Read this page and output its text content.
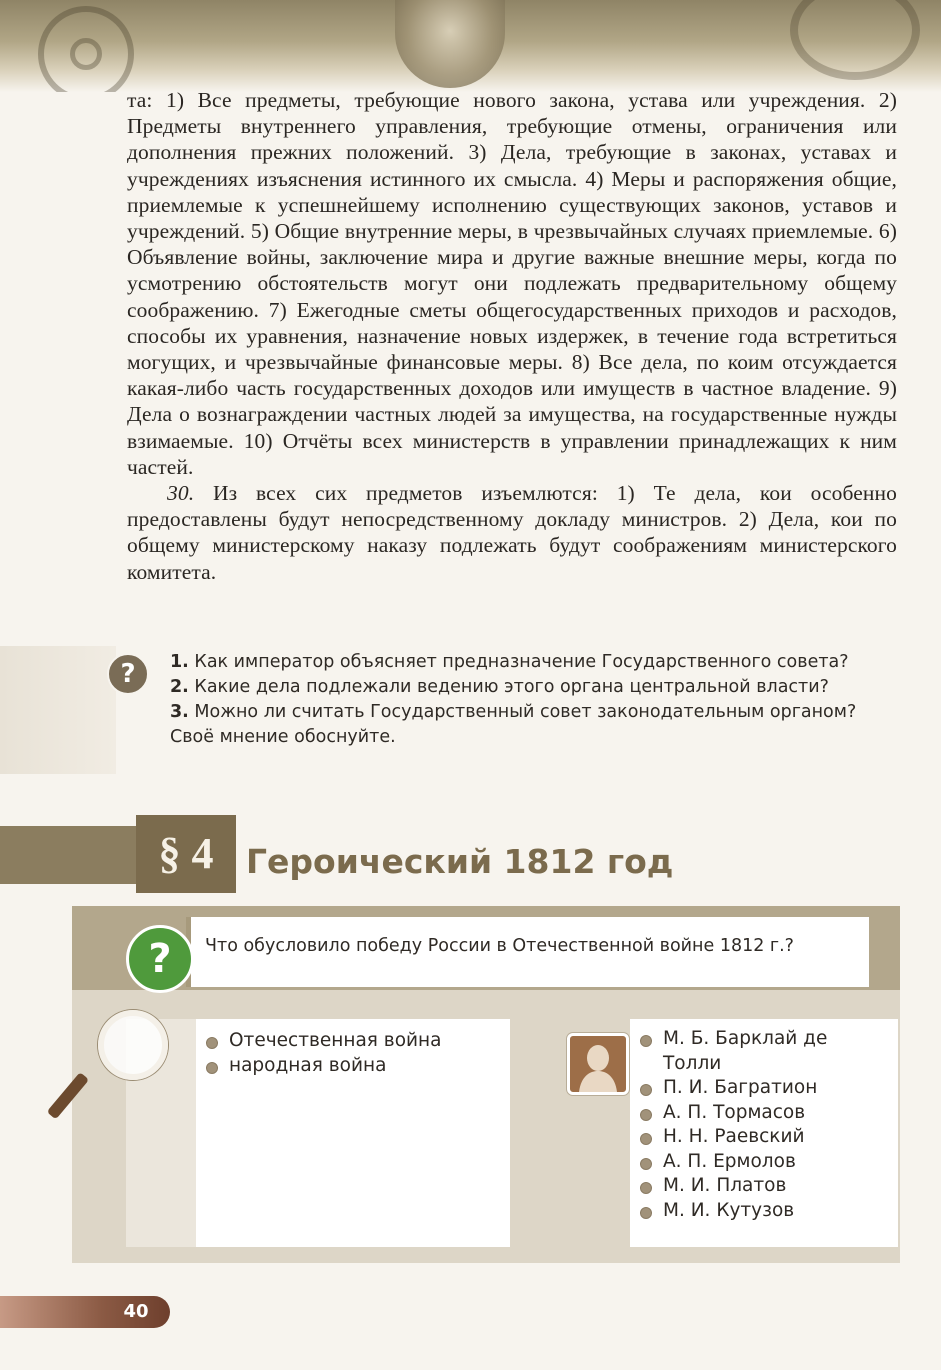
та: 1) Все предметы, требующие нового закона, устава или учреждения. 2) Предметы внутреннего управления, требующие отмены, ограничения или дополнения прежних положений. 3) Дела, требующие в законах, уставах и учреждениях изъяснения истинного их смысла. 4) Меры и распоряжения общие, приемлемые к успешнейшему исполнению существующих законов, уставов и учреждений. 5) Общие внутренние меры, в чрезвычайных случаях приемлемые. 6) Объявление войны, заключение мира и другие важные внешние меры, когда по усмотрению обстоятельств могут они подлежать предварительному общему соображению. 7) Ежегодные сметы общегосударственных приходов и расходов, способы их уравнения, назначение новых издержек, в течение года встретиться могущих, и чрезвычайные финансовые меры. 8) Все дела, по коим отсуждается какая-либо часть государственных доходов или имуществ в частное владение. 9) Дела о вознаграждении частных людей за имущества, на государственные нужды взимаемые. 10) Отчёты всех министерств в управлении принадлежащих к ним частей.

30. Из всех сих предметов изъемлются: 1) Те дела, кои особенно предоставлены будут непосредственному докладу министров. 2) Дела, кои по общему министерскому наказу подлежать будут соображениям министерского комитета.

?	1. Как император объясняет предназначение Государственного совета?

2. Какие дела подлежали ведению этого органа центральной власти?

3. Можно ли считать Государственный совет законодательным органом? Своё мнение обоснуйте.

§ 4 Героический 1812 год
Что обусловило победу России в Отечественной войне 1812 г.?
?
Отечественная война
народная война
М. Б. Барклай де Толли
П. И. Багратион
А. П. Тормасов
Н. Н. Раевский
А. П. Ермолов
М. И. Платов
М. И. Кутузов
40
